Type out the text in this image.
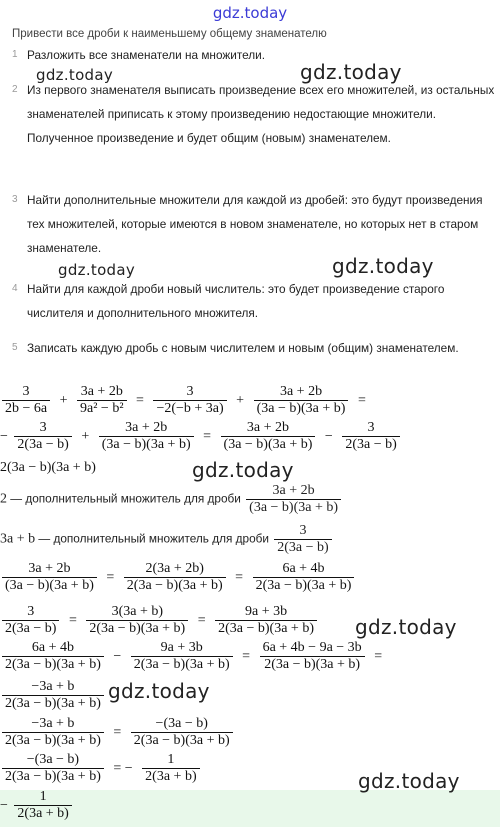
gdz.today
Привести все дроби к наименьшему общему знаменателю
1 Разложить все знаменатели на множители.
2 Из первого знаменателя выписать произведение всех его множителей, из остальных знаменателей приписать к этому произведению недостающие множители. Полученное произведение и будет общим (новым) знаменателем.
3 Найти дополнительные множители для каждой из дробей: это будут произведения тех множителей, которые имеются в новом знаменателе, но которых нет в старом знаменателе.
4 Найти для каждой дроби новый числитель: это будет произведение старого числителя и дополнительного множителя.
5 Записать каждую дробь с новым числителем и новым (общим) знаменателем.
$\frac{3}{2b - 6a} + \frac{3a + 2b}{\text{9a² − b²}} = \frac{3}{-2(-b + 3a)} + \frac{3a + 2b}{(3a - b)(3a + b)}$ =
− $\frac{3}{2(3a - b)} + \frac{3a + 2b}{(3a - b)(3a + b)} = \frac{3a + 2b}{(3a - b)(3a + b)} - \frac{3}{2(3a - b)}$
2(3a − b)(3a + b)
2 — дополнительный множитель для дроби $\frac{3a + 2b}{(3a - b)(3a + b)}$
3a + b — дополнительный множитель для дроби $\frac{3}{2(3a - b)}$
$\frac{3a + 2b}{(3a - b)(3a + b)} = \frac{2(3a + 2b)}{2(3a - b)(3a + b)} = \frac{6a + 4b}{2(3a - b)(3a + b)}$
$\frac{3}{2(3a - b)} = \frac{3(3a + b)}{2(3a - b)(3a + b)} = \frac{9a + 3b}{2(3a - b)(3a + b)}$
$\frac{6a + 4b}{2(3a - b)(3a + b)} - \frac{9a + 3b}{2(3a - b)(3a + b)} = \frac{6a + 4b - 9a - 3b}{2(3a - b)(3a + b)}$ =
$\frac{-3a + b}{2(3a - b)(3a + b)}$
$\frac{-3a + b}{2(3a - b)(3a + b)} = \frac{-(3a - b)}{2(3a - b)(3a + b)}$
$\frac{-(3a - b)}{2(3a - b)(3a + b)}$ = − $\frac{1}{2(3a + b)}$
− $\frac{1}{2(3a + b)}$
gdz.today	gdz.today
gdz.today	gdz.today
gdz.today
gdz.today
gdz.today
gdz.today
